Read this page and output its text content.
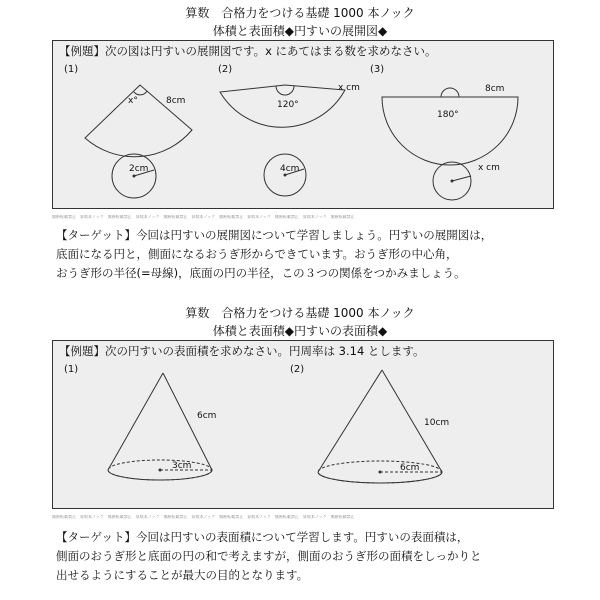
算数　合格力をつける基礎 1000 本ノック
体積と表面積◆円すいの展開図◆
【例題】次の図は円すいの展開図です。x にあてはまる数を求めなさい。
(1)	(2)	(3)
x°	8cm
2cm
120°
x cm
4cm
8cm
180°
x cm
無断転載禁止　算数本ノック　無断転載禁止　算数本ノック　無断転載禁止　算数本ノック　無断転載禁止　算数本ノック　無断転載禁止　算数本ノック　無断転載禁止
【ターゲット】今回は円すいの展開図について学習しましょう。円すいの展開図は，
底面になる円と，側面になるおうぎ形からできています。おうぎ形の中心角，
おうぎ形の半径(=母線)，底面の円の半径，この３つの関係をつかみましょう。
算数　合格力をつける基礎 1000 本ノック
体積と表面積◆円すいの表面積◆
【例題】次の円すいの表面積を求めなさい。円周率は 3.14 とします。
(1)	(2)
6cm
3cm
10cm
6cm
無断転載禁止　算数本ノック　無断転載禁止　算数本ノック　無断転載禁止　算数本ノック　無断転載禁止　算数本ノック　無断転載禁止　算数本ノック　無断転載禁止
【ターゲット】今回は円すいの表面積について学習します。円すいの表面積は，
側面のおうぎ形と底面の円の和で考えますが，側面のおうぎ形の面積をしっかりと
出せるようにすることが最大の目的となります。
